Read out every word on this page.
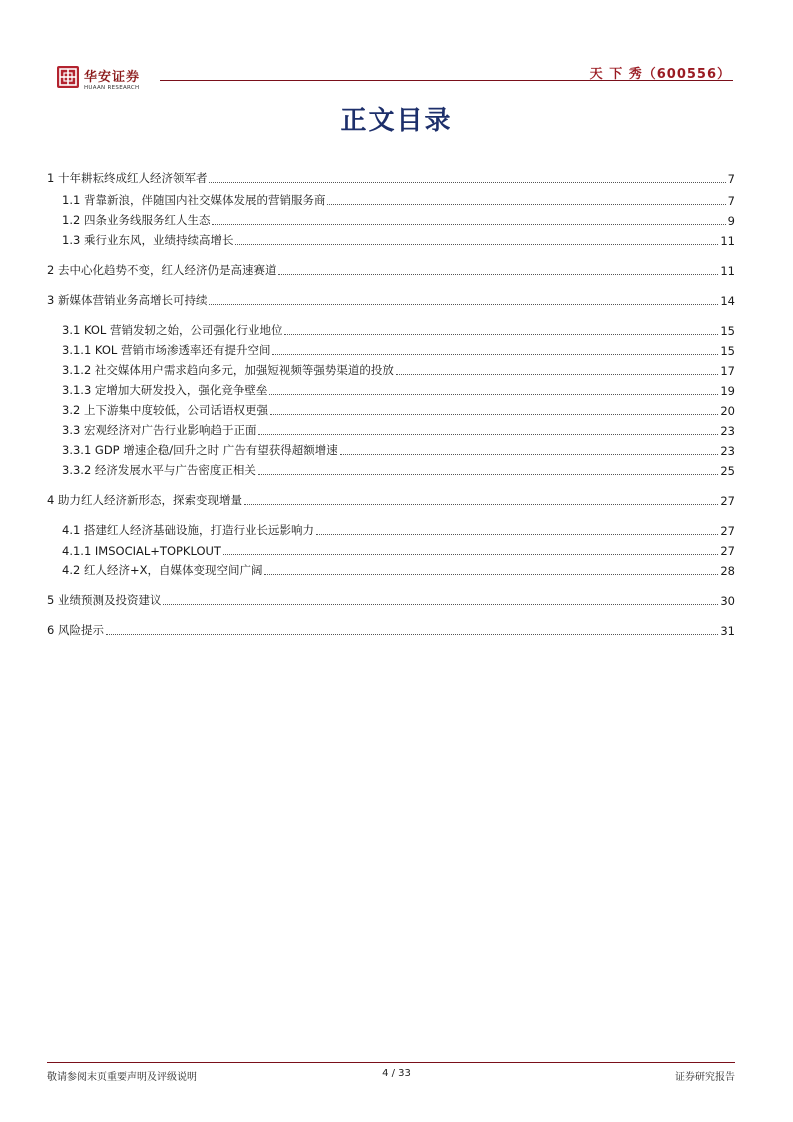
华安证券
HUAAN RESEARCH
天 下 秀（600556）
正文目录
1 十年耕耘终成红人经济领军者	7
1.1 背靠新浪，伴随国内社交媒体发展的营销服务商	7
1.2 四条业务线服务红人生态	9
1.3 乘行业东风，业绩持续高增长	11
2 去中心化趋势不变，红人经济仍是高速赛道	11
3 新媒体营销业务高增长可持续	14
3.1 KOL 营销发轫之始，公司强化行业地位	15
3.1.1 KOL 营销市场渗透率还有提升空间	15
3.1.2 社交媒体用户需求趋向多元，加强短视频等强势渠道的投放	17
3.1.3 定增加大研发投入，强化竞争壁垒	19
3.2 上下游集中度较低，公司话语权更强	20
3.3 宏观经济对广告行业影响趋于正面	23
3.3.1 GDP 增速企稳/回升之时 广告有望获得超额增速	23
3.3.2 经济发展水平与广告密度正相关	25
4 助力红人经济新形态，探索变现增量	27
4.1 搭建红人经济基础设施，打造行业长远影响力	27
4.1.1 IMSOCIAL+TOPKLOUT	27
4.2 红人经济+X，自媒体变现空间广阔	28
5 业绩预测及投资建议	30
6 风险提示	31
敬请参阅末页重要声明及评级说明	4 / 33	证券研究报告
